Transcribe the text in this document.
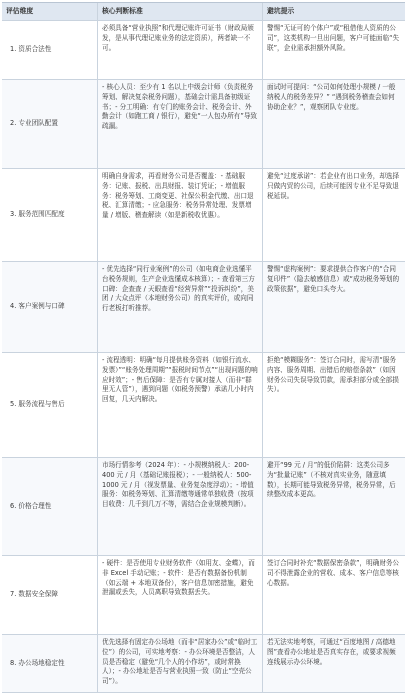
评估维度	核心判断标准	避坑提示
1. 资质合法性
必须具备“营业执照”和代理记账许可证书（财政局颁发，是从事代理记账业务的法定资质），两者缺一不可。
警惕“无证可的个体户”或“租借他人资质的公司”，这类机构一旦出问题，客户可能面临“失联”，企业需承担额外风险。
2. 专业团队配置
- 核心人员：至少有 1 名以上中级会计师（负责税务筹划、解决复杂税务问题），基础会计需具备初级证书；- 分工明确：有专门的账务会计、税务会计、外勤会计（如跑工商 / 银行），避免“一人包办所有”导致疏漏。
面试时可提问：“公司如何处理小规模 / 一般纳税人的税务差异？” “遇到税务稽查会如何协助企业？”，观察团队专业度。
3. 服务范围匹配度
明确自身需求，再看财务公司是否覆盖：- 基础服务：记账、报税、出具财报、装订凭证；- 增值服务：税务筹划、工商变更、社保公积金代缴、出口退税、汇算清缴；- 应急服务：税务异常处理、发票增量 / 增版、稽查解读（如是新税收优惠）。
避免“过度承诺”：若企业有出口业务，却选择只做内贸的公司，后续可能因专业不足导致退税延误。
4. 客户案例与口碑
- 优先选择“同行业案例”的公司（如电商企业选懂平台税务规则，生产企业选懂成本核算）；- 查看第三方口碑：企查查 / 天眼查看“经营异常”“投诉纠纷”，美团 / 大众点评（本地财务公司）的真实评价，或向同行老板打听推荐。
警惕“虚构案例”：要求提供合作客户的“合同复印件”（隐去敏感信息）或“成功税务筹划的政策依据”，避免口头夸大。
5. 服务流程与售后
- 流程透明：明确“每月提供账务资料（如银行流水、发票）”“账务处理周期”“报税时间节点”“出现问题的响应时效”；- 售后保障：是否有专属对接人（而非“群里无人管”），遇到问题（如税务预警）承诺几小时内回复，几天内解决。
拒绝“模糊服务”：签订合同时，需写清“服务内容、服务周期、出错后的赔偿条款”（如因财务公司失误导致罚款，需承担部分或全部损失）。
6. 价格合理性
市场行情参考（2024 年）：- 小规模纳税人：200-400 元 / 月（基础记账报税）；- 一般纳税人：500-1000 元 / 月（视发票量、业务复杂度浮动）；- 增值服务：如税务筹划、汇算清缴等通常单独收费（按项目收费：几千到几万不等，需结合企业规模判断）。
避开“99 元 / 月”的低价陷阱：这类公司多为“批量记账”（不核对真实业务，随意填数），长期可能导致税务异常，税务异常，后续整改成本更高。
7. 数据安全保障
- 硬件：是否使用专业财务软件（如用友、金蝶），而非 Excel 手动记账；- 软件：是否有数据备份机制（如云端 + 本地双备份），客户信息加密措施，避免泄漏或丢失，人员离职导致数据丢失。
签订合同时补充“数据保密条款”，明确财务公司不得泄露企业的营收、成本、客户信息等核心数据。
8. 办公场地稳定性
优先选择有固定办公场地（而非“居家办公”或“临时工位”）的公司，可实地考察：- 办公环境是否整洁，人员是否稳定（避免“几个人的小作坊”，或时常换人）；- 办公地址是否与营业执照一致（防止“空壳公司”）。
若无法实地考察，可通过“百度地图 / 高德地图”查看办公地址是否真实存在，或要求视频连线展示办公环境。
